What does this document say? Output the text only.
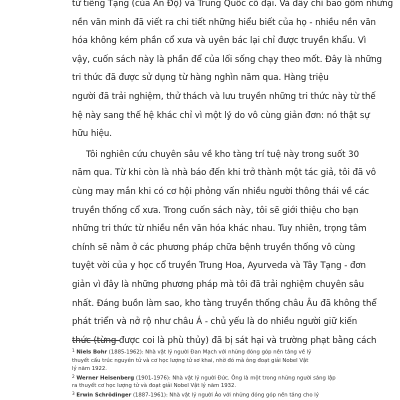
từ tiếng Tạng (của Ấn Độ) và Trung Quốc cổ đại. Và đây chỉ bao gồm những
nền văn minh đã viết ra chi tiết những hiểu biết của họ - nhiều nền văn
hóa không kém phần cổ xưa và uyên bác lại chỉ được truyền khẩu. Vì
vậy, cuốn sách này là phần để của lối sống chạy theo mốt. Đây là những
tri thức đã được sử dụng từ hàng nghìn năm qua. Hàng triệu
người đã trải nghiệm, thử thách và lưu truyền những tri thức này từ thế
hệ này sang thế hệ khác chỉ vì một lý do vô cùng giản đơn: nó thật sự
hữu hiệu.
Tôi nghiên cứu chuyên sâu về kho tàng trí tuệ này trong suốt 30
năm qua. Từ khi còn là nhà báo đến khi trở thành một tác giả, tôi đã vô
cùng may mắn khi có cơ hội phỏng vấn nhiều người thông thái về các
truyền thống cổ xưa. Trong cuốn sách này, tôi sẽ giới thiệu cho bạn
những tri thức từ nhiều nền văn hóa khác nhau. Tuy nhiên, trọng tâm
chính sẽ nằm ở các phương pháp chữa bệnh truyền thống vô cùng
tuyệt vời của y học cổ truyền Trung Hoa, Ayurveda và Tây Tạng - đơn
giản vì đây là những phương pháp mà tôi đã trải nghiệm chuyên sâu
nhất. Đáng buồn làm sao, kho tàng truyền thống châu Âu đã không thể
phát triển và nở rộ như châu Á - chủ yếu là do nhiều người giữ kiến
thức (từng được coi là phù thủy) đã bị sát hại và trường phạt bằng cách
$^1$ Niels Bohr (1885-1962): Nhà vật lý người Đan Mạch với những đóng góp nền tảng về lý
thuyết cấu trúc nguyên tử và cơ học lượng tử sơ khai, nhờ đó mà ông đoạt giải Nobel Vật
lý năm 1922.
$^2$ Werner Heisenberg (1901-1976): Nhà vật lý người Đức. Ông là một trong những người sáng lập
ra thuyết cơ học lượng tử và đoạt giải Nobel Vật lý năm 1932.
$^3$ Erwin Schrödinger (1887-1961): Nhà vật lý người Áo với những đóng góp nền tảng cho lý
